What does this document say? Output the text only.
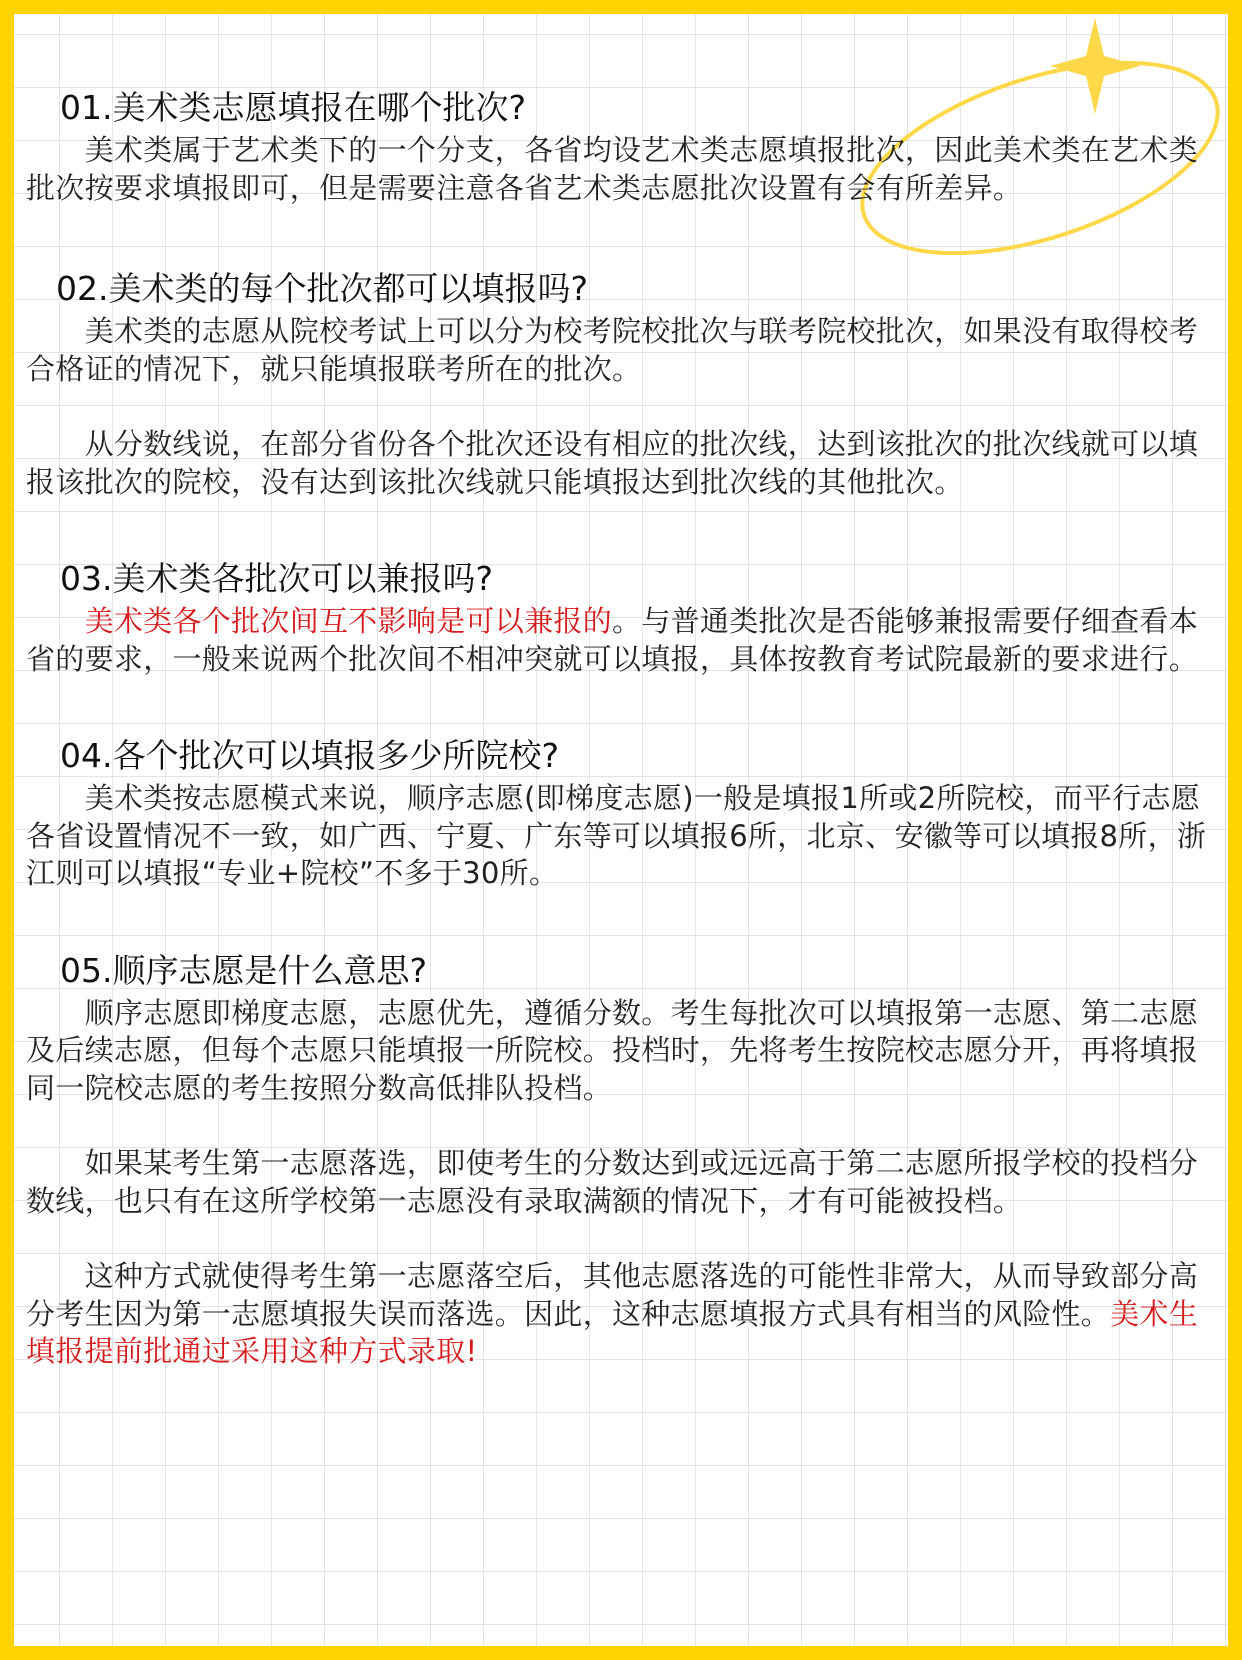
01.美术类志愿填报在哪个批次?

　　美术类属于艺术类下的一个分支，各省均设艺术类志愿填报批次，因此美术类在艺术类批次按要求填报即可，但是需要注意各省艺术类志愿批次设置有会有所差异。

02.美术类的每个批次都可以填报吗?

　　美术类的志愿从院校考试上可以分为校考院校批次与联考院校批次，如果没有取得校考合格证的情况下，就只能填报联考所在的批次。

　　从分数线说，在部分省份各个批次还设有相应的批次线，达到该批次的批次线就可以填报该批次的院校，没有达到该批次线就只能填报达到批次线的其他批次。

03.美术类各批次可以兼报吗?

　　美术类各个批次间互不影响是可以兼报的。与普通类批次是否能够兼报需要仔细查看本省的要求，一般来说两个批次间不相冲突就可以填报，具体按教育考试院最新的要求进行。

04.各个批次可以填报多少所院校?

　　美术类按志愿模式来说，顺序志愿(即梯度志愿)一般是填报1所或2所院校，而平行志愿各省设置情况不一致，如广西、宁夏、广东等可以填报6所，北京、安徽等可以填报8所，浙江则可以填报“专业+院校”不多于30所。

05.顺序志愿是什么意思?

　　顺序志愿即梯度志愿，志愿优先，遵循分数。考生每批次可以填报第一志愿、第二志愿及后续志愿，但每个志愿只能填报一所院校。投档时，先将考生按院校志愿分开，再将填报同一院校志愿的考生按照分数高低排队投档。

　　如果某考生第一志愿落选，即使考生的分数达到或远远高于第二志愿所报学校的投档分数线，也只有在这所学校第一志愿没有录取满额的情况下，才有可能被投档。

　　这种方式就使得考生第一志愿落空后，其他志愿落选的可能性非常大，从而导致部分高分考生因为第一志愿填报失误而落选。因此，这种志愿填报方式具有相当的风险性。美术生填报提前批通过采用这种方式录取!
